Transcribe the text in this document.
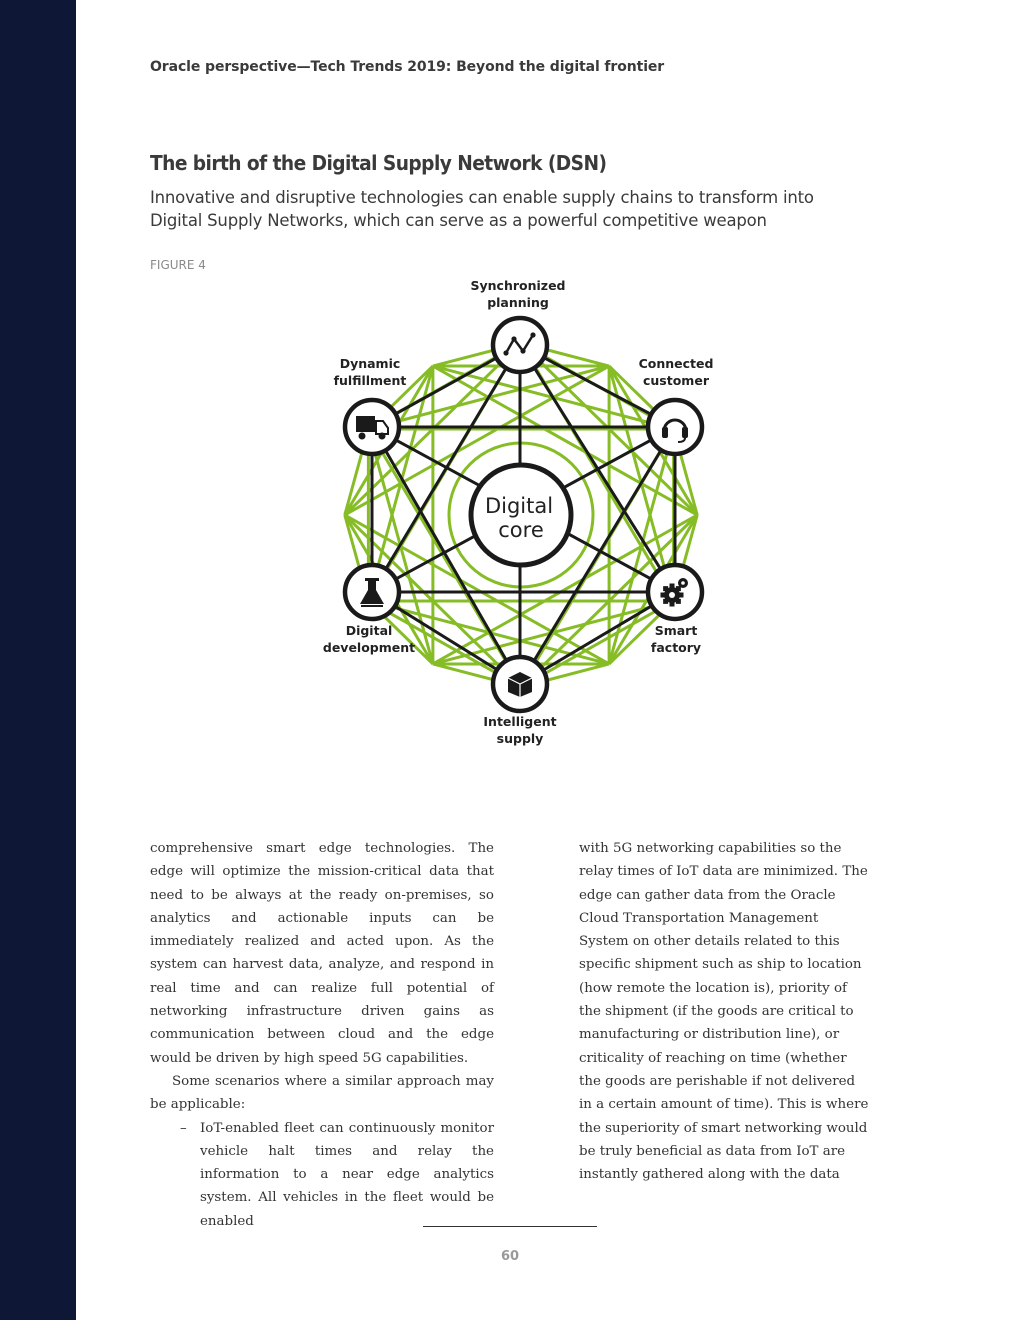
Oracle perspective—Tech Trends 2019: Beyond the digital frontier
The birth of the Digital Supply Network (DSN)
Innovative and disruptive technologies can enable supply chains to transform into Digital Supply Networks, which can serve as a powerful competitive weapon
FIGURE 4
Digital
core
Synchronized
planning
Connected
customer
Smart
factory
Intelligent
supply
Digital
development
Dynamic
fulfillment

comprehensive smart edge technologies. The edge will optimize the mission-critical data that need to be always at the ready on-premises, so analytics and actionable inputs can be immediately realized and acted upon. As the system can harvest data, analyze, and respond in real time and can realize full potential of networking infrastructure driven gains as communication between cloud and the edge would be driven by high speed 5G capabilities.

Some scenarios where a similar approach may be applicable:

– IoT-enabled fleet can continuously monitor vehicle halt times and relay the information to a near edge analytics system. All vehicles in the fleet would be enabled

with 5G networking capabilities so the relay times of IoT data are minimized. The edge can gather data from the Oracle Cloud Transportation Management System on other details related to this specific shipment such as ship to location (how remote the location is), priority of the shipment (if the goods are critical to manufacturing or distribution line), or criticality of reaching on time (whether the goods are perishable if not delivered in a certain amount of time). This is where the superiority of smart networking would be truly beneficial as data from IoT are instantly gathered along with the data

60
